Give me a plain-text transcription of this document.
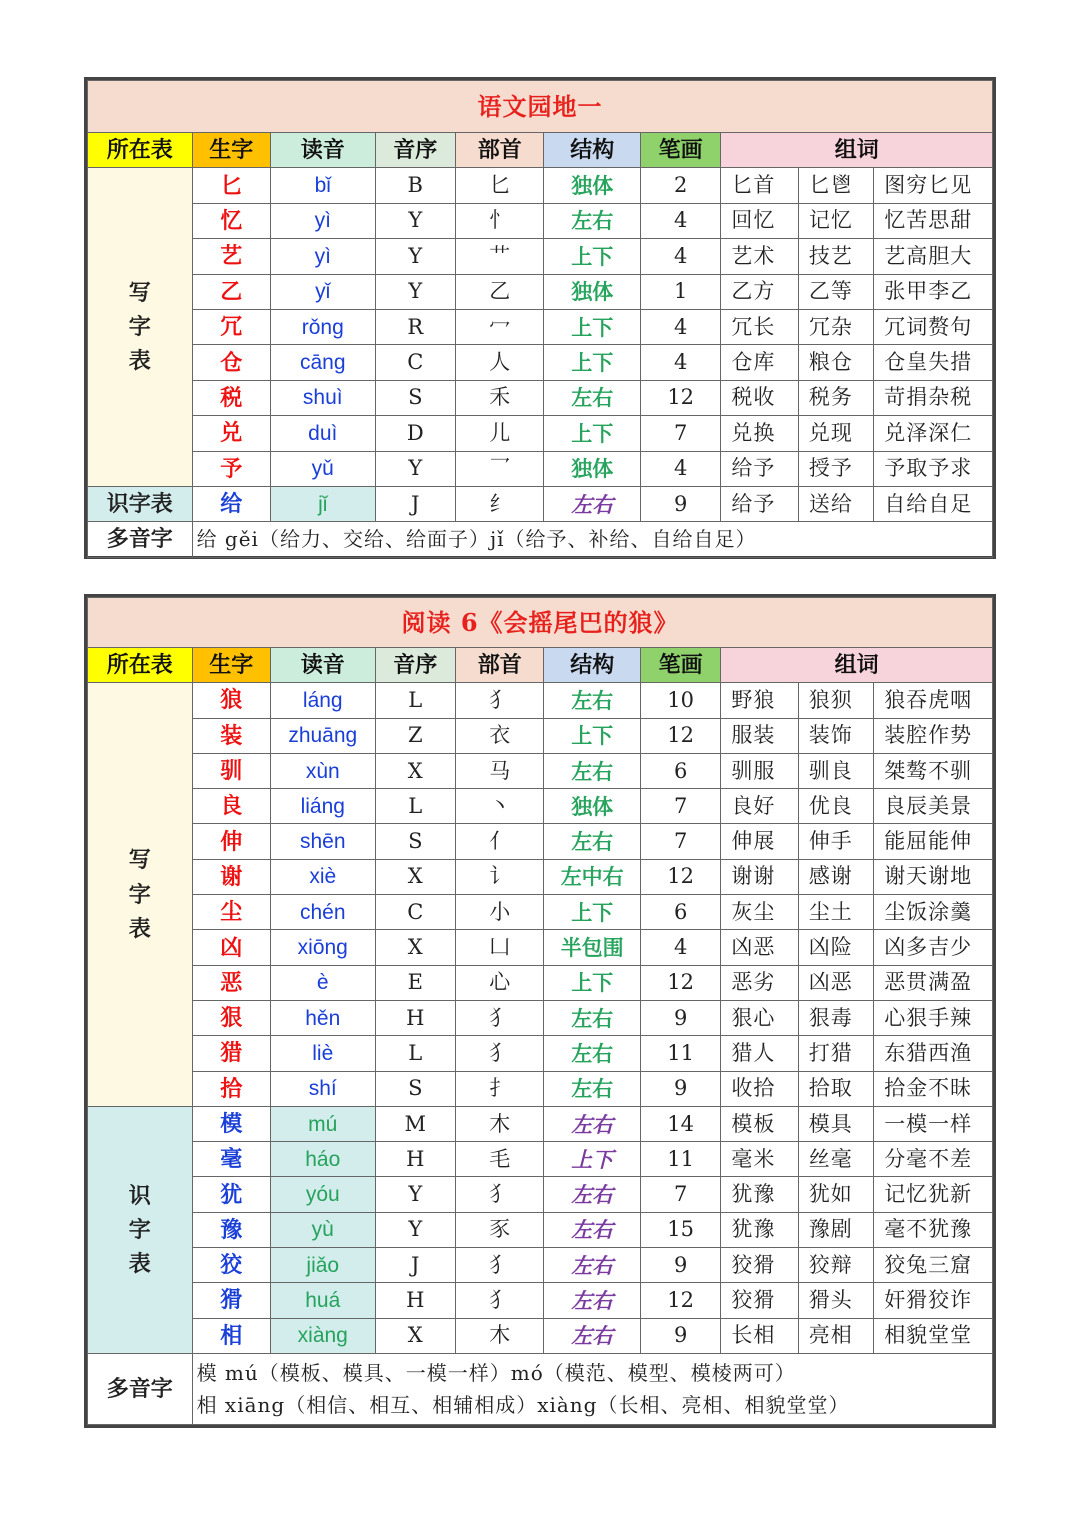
语文园地一									
所在表	生字	读音	音序	部首	结构	笔画	组词		
写
字
表	匕	bǐ	B	匕	独体	2	匕首	匕鬯	图穷匕见
	忆	yì	Y	忄	左右	4	回忆	记忆	忆苦思甜
	艺	yì	Y	艹	上下	4	艺术	技艺	艺高胆大
	乙	yǐ	Y	乙	独体	1	乙方	乙等	张甲李乙
	冗	rǒng	R	冖	上下	4	冗长	冗杂	冗词赘句
	仓	cāng	C	人	上下	4	仓库	粮仓	仓皇失措
	税	shuì	S	禾	左右	12	税收	税务	苛捐杂税
	兑	duì	D	儿	上下	7	兑换	兑现	兑泽深仁
	予	yǔ	Y	乛	独体	4	给予	授予	予取予求
识字表	给	jǐ	J	纟	左右	9	给予	送给	自给自足
多音字	给 gěi（给力、交给、给面子）jǐ（给予、补给、自给自足）								
阅读 6《会摇尾巴的狼》									
所在表	生字	读音	音序	部首	结构	笔画	组词		
写
字
表	狼	láng	L	犭	左右	10	野狼	狼狈	狼吞虎咽
	装	zhuāng	Z	衣	上下	12	服装	装饰	装腔作势
	驯	xùn	X	马	左右	6	驯服	驯良	桀骜不驯
	良	liáng	L	丶	独体	7	良好	优良	良辰美景
	伸	shēn	S	亻	左右	7	伸展	伸手	能屈能伸
	谢	xiè	X	讠	左中右	12	谢谢	感谢	谢天谢地
	尘	chén	C	小	上下	6	灰尘	尘土	尘饭涂羹
	凶	xiōng	X	凵	半包围	4	凶恶	凶险	凶多吉少
	恶	è	E	心	上下	12	恶劣	凶恶	恶贯满盈
	狠	hěn	H	犭	左右	9	狠心	狠毒	心狠手辣
	猎	liè	L	犭	左右	11	猎人	打猎	东猎西渔
	拾	shí	S	扌	左右	9	收拾	拾取	拾金不昧
识
字
表	模	mú	M	木	左右	14	模板	模具	一模一样
	毫	háo	H	毛	上下	11	毫米	丝毫	分毫不差
	犹	yóu	Y	犭	左右	7	犹豫	犹如	记忆犹新
	豫	yù	Y	豕	左右	15	犹豫	豫剧	毫不犹豫
	狡	jiǎo	J	犭	左右	9	狡猾	狡辩	狡兔三窟
	猾	huá	H	犭	左右	12	狡猾	猾头	奸猾狡诈
	相	xiàng	X	木	左右	9	长相	亮相	相貌堂堂
多音字	模 mú（模板、模具、一模一样）mó（模范、模型、模棱两可）
相 xiāng（相信、相互、相辅相成）xiàng（长相、亮相、相貌堂堂）								
